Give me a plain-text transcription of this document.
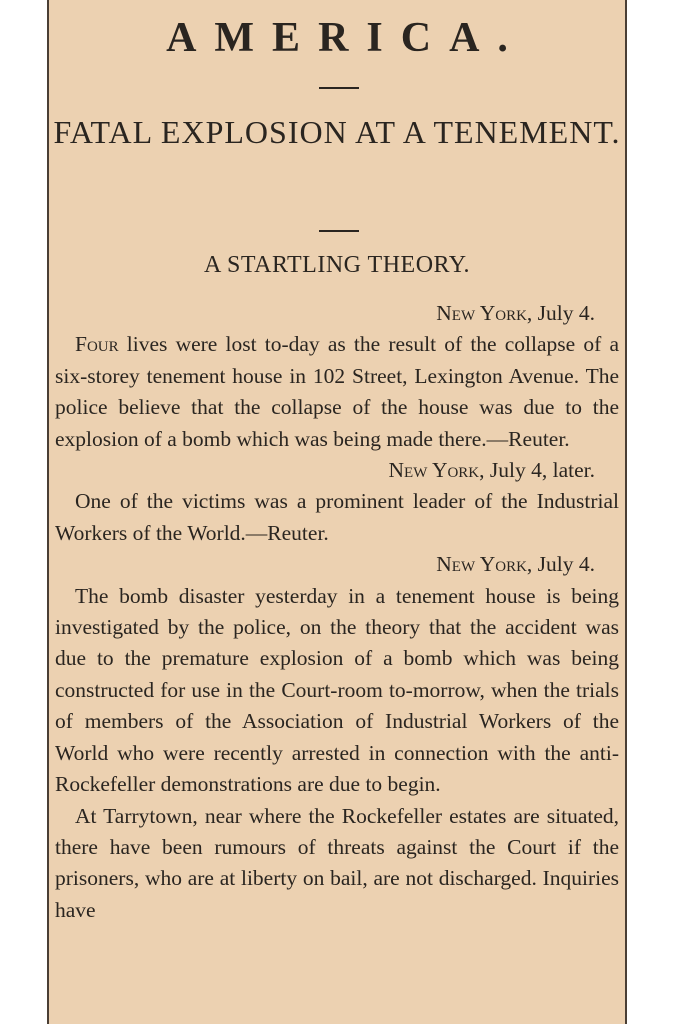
AMERICA.
FATAL EXPLOSION AT A TENEMENT.
A STARTLING THEORY.

New York, July 4.

Four lives were lost to-day as the result of the collapse of a six-storey tenement house in 102 Street, Lexington Avenue. The police believe that the collapse of the house was due to the explosion of a bomb which was being made there.—Reuter.

New York, July 4, later.

One of the victims was a prominent leader of the Industrial Workers of the World.—Reuter.

New York, July 4.

The bomb disaster yesterday in a tenement house is being investigated by the police, on the theory that the accident was due to the premature explosion of a bomb which was being constructed for use in the Court-room to-morrow, when the trials of members of the Association of Industrial Workers of the World who were recently arrested in connection with the anti-Rockefeller demonstrations are due to begin.

At Tarrytown, near where the Rockefeller estates are situated, there have been rumours of threats against the Court if the prisoners, who are at liberty on bail, are not discharged. Inquiries have
